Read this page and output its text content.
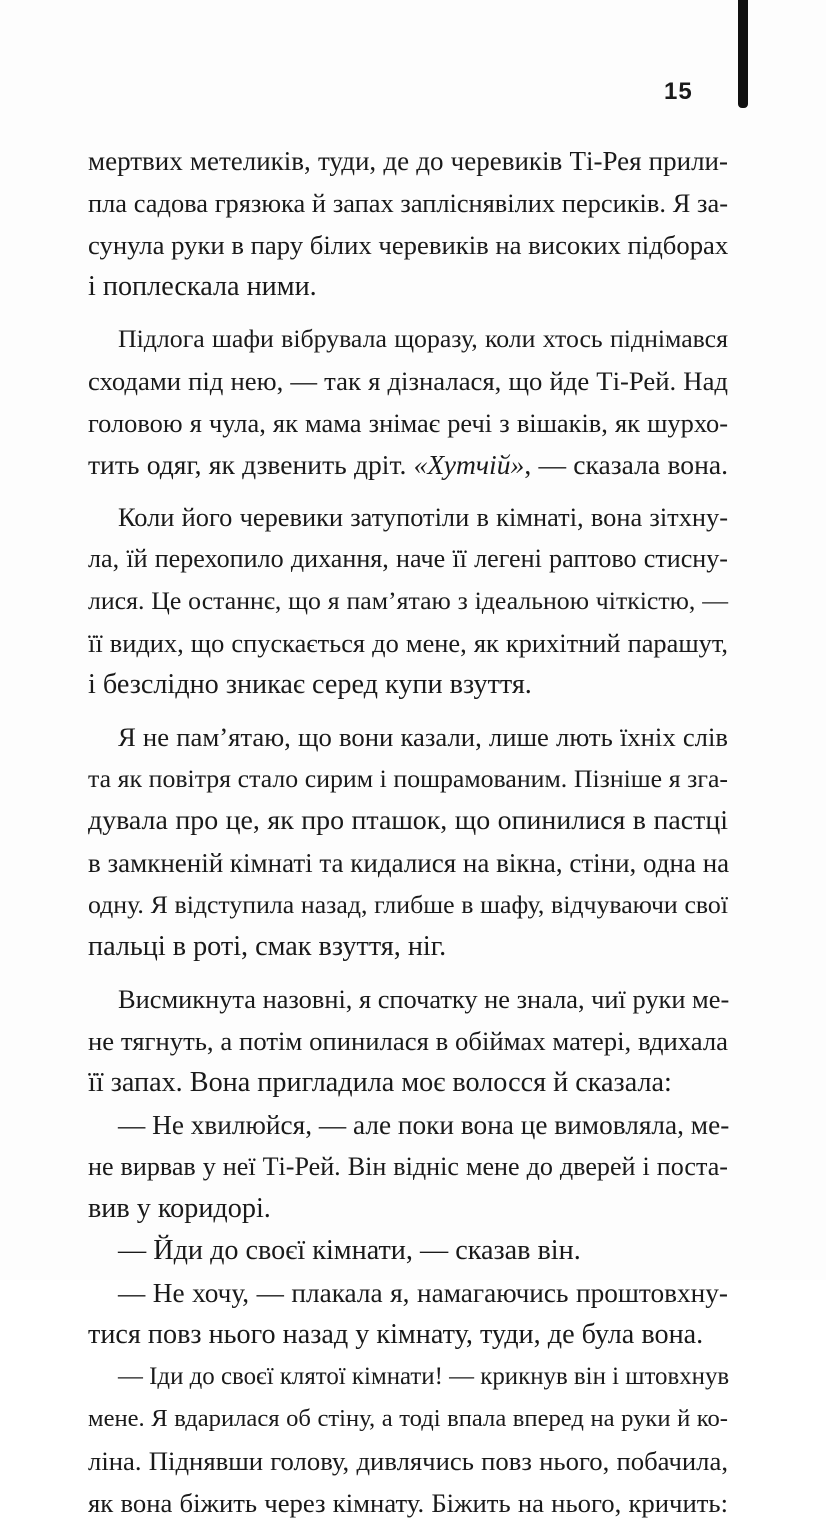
15
мертвих метеликів, туди, де до черевиків Ті-Рея прили-
пла садова грязюка й запах запліснявілих персиків. Я за-
сунула руки в пару білих черевиків на високих підборах
і поплескала ними.
Підлога шафи вібрувала щоразу, коли хтось піднімався
сходами під нею, — так я дізналася, що йде Ті-Рей. Над
головою я чула, як мама знімає речі з вішаків, як шурхо-
тить одяг, як дзвенить дріт. «Хутчій», — сказала вона.
Коли його черевики затупотіли в кімнаті, вона зітхну-
ла, їй перехопило дихання, наче її легені раптово стисну-
лися. Це останнє, що я пам’ятаю з ідеальною чіткістю, —
її видих, що спускається до мене, як крихітний парашут,
і безслідно зникає серед купи взуття.
Я не пам’ятаю, що вони казали, лише лють їхніх слів
та як повітря стало сирим і пошрамованим. Пізніше я згa-
дувала про це, як про пташок, що опинилися в пастці
в замкненій кімнаті та кидалися на вікна, стіни, одна на
одну. Я відступила назад, глибше в шафу, відчуваючи свої
пальці в роті, смак взуття, ніг.
Висмикнута назовні, я спочатку не знала, чиї руки ме-
не тягнуть, а потім опинилася в обіймах матері, вдихала
її запах. Вона пригладила моє волосся й сказала:
— Не хвилюйся, — але поки вона це вимовляла, ме-
не вирвав у неї Ті-Рей. Він відніс мене до дверей і поста-
вив у коридорі.
— Йди до своєї кімнати, — сказав він.
— Не хочу, — плакала я, намагаючись проштовхну-
тися повз нього назад у кімнату, туди, де була вона.
— Іди до своєї клятої кімнати! — крикнув він і штовхнув
мене. Я вдарилася об стіну, а тоді впала вперед на руки й ко-
ліна. Піднявши голову, дивлячись повз нього, побачила,
як вона біжить через кімнату. Біжить на нього, кричить:
